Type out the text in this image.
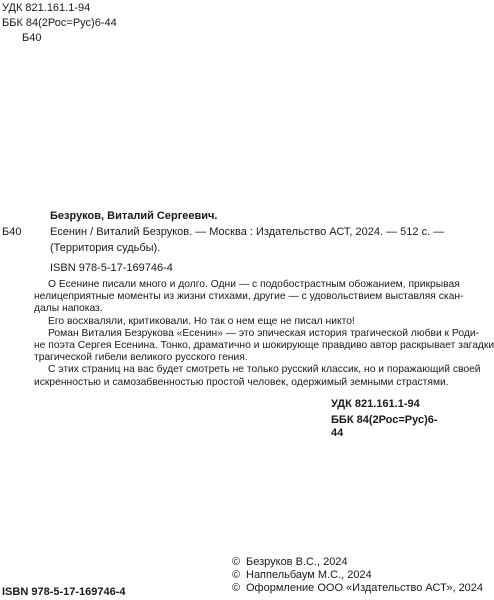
УДК 821.161.1-94
ББК 84(2Рос=Рус)6-44
Б40
Безруков, Виталий Сергеевич.
Б40	Есенин / Виталий Безруков. — Москва : Издательство АСТ, 2024. — 512 с. —
(Территория судьбы).
ISBN 978-5-17-169746-4
О Есенине писали много и долго. Одни — с подобострастным обожанием, прикрывая
нелицеприятные моменты из жизни стихами, другие — с удовольствием выставляя скан-
далы напоказ.
Его восхваляли, критиковали. Но так о нем еще не писал никто!
Роман Виталия Безрукова «Есенин» — это эпическая история трагической любви к Роди-
не поэта Сергея Есенина. Тонко, драматично и шокирующе правдиво автор раскрывает загадки
трагической гибели великого русского гения.
С этих страниц на вас будет смотреть не только русский классик, но и поражающий своей
искренностью и самозабвенностью простой человек, одержимый земными страстями.
УДК 821.161.1-94
ББК 84(2Рос=Рус)6-44
ISBN 978-5-17-169746-4
© Безруков В.С., 2024
© Наппельбаум М.С., 2024
© Оформление ООО «Издательство АСТ», 2024
